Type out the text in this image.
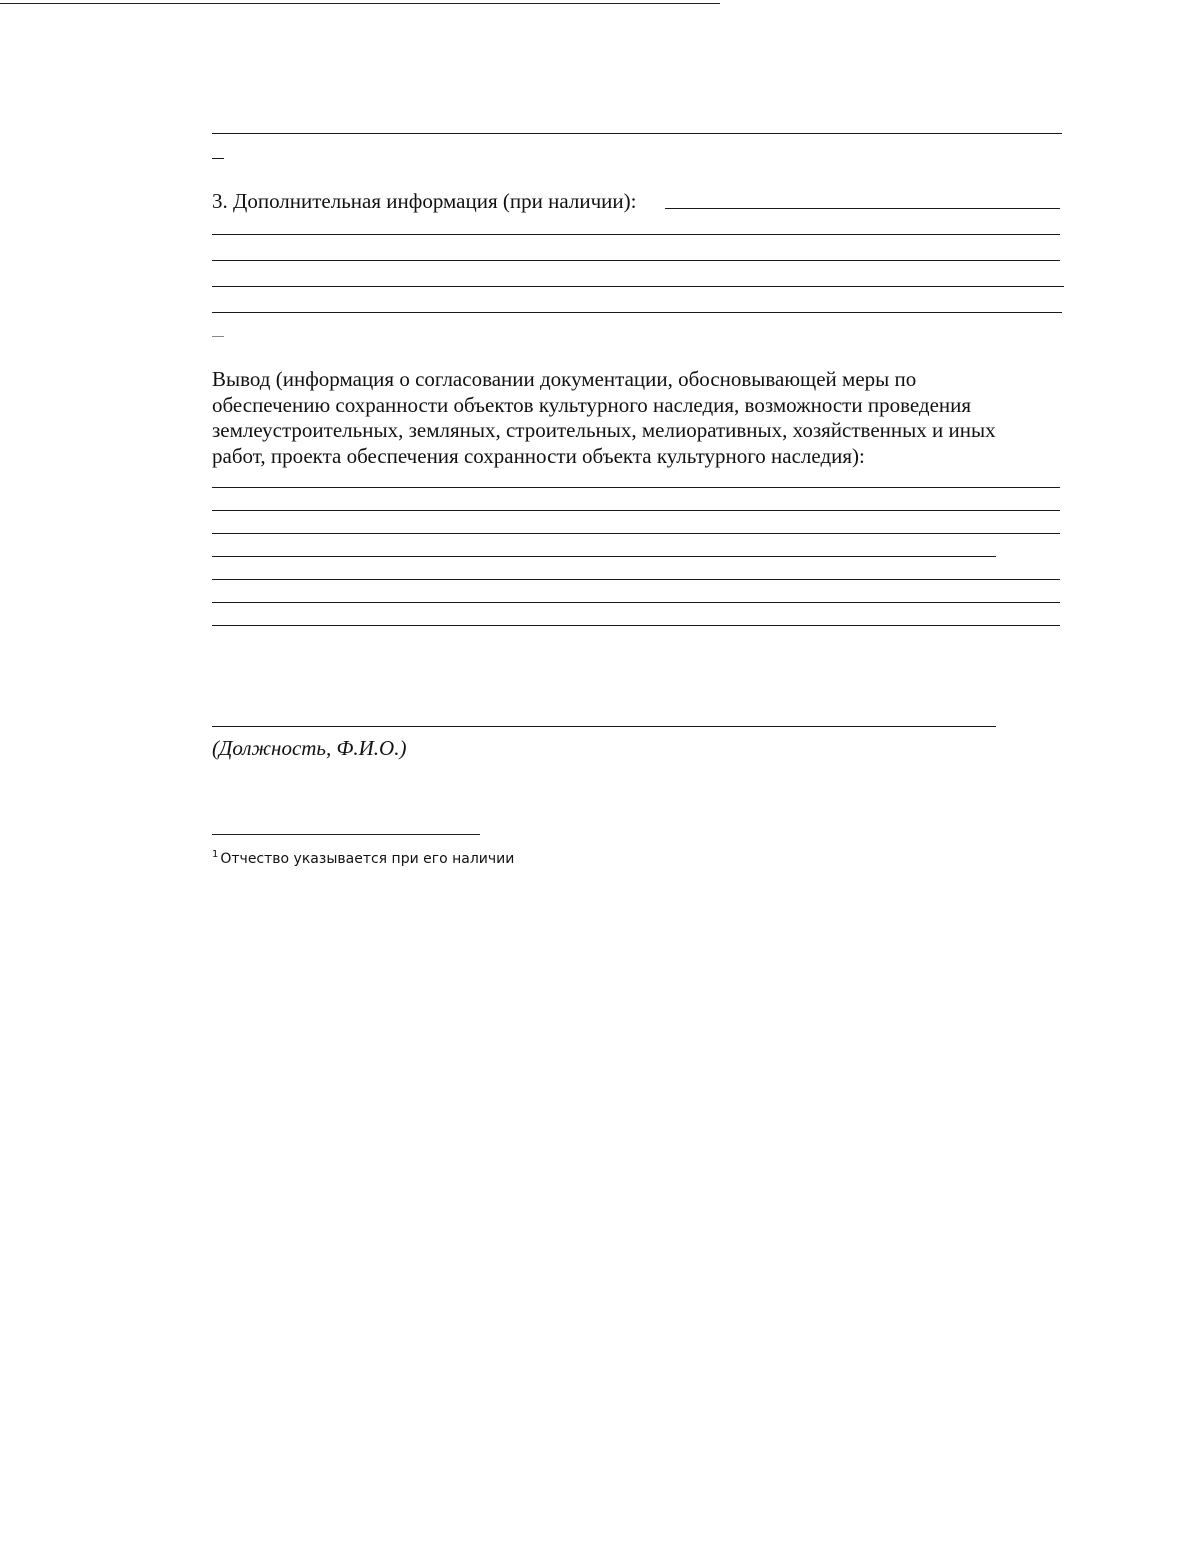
3. Дополнительная информация (при наличии):
Вывод (информация о согласовании документации, обосновывающей меры по
обеспечению сохранности объектов культурного наследия, возможности проведения
землеустроительных, земляных, строительных, мелиоративных, хозяйственных и иных
работ, проекта обеспечения сохранности объекта культурного наследия):
(Должность, Ф.И.О.)
$^1$ Отчество указывается при его наличии
